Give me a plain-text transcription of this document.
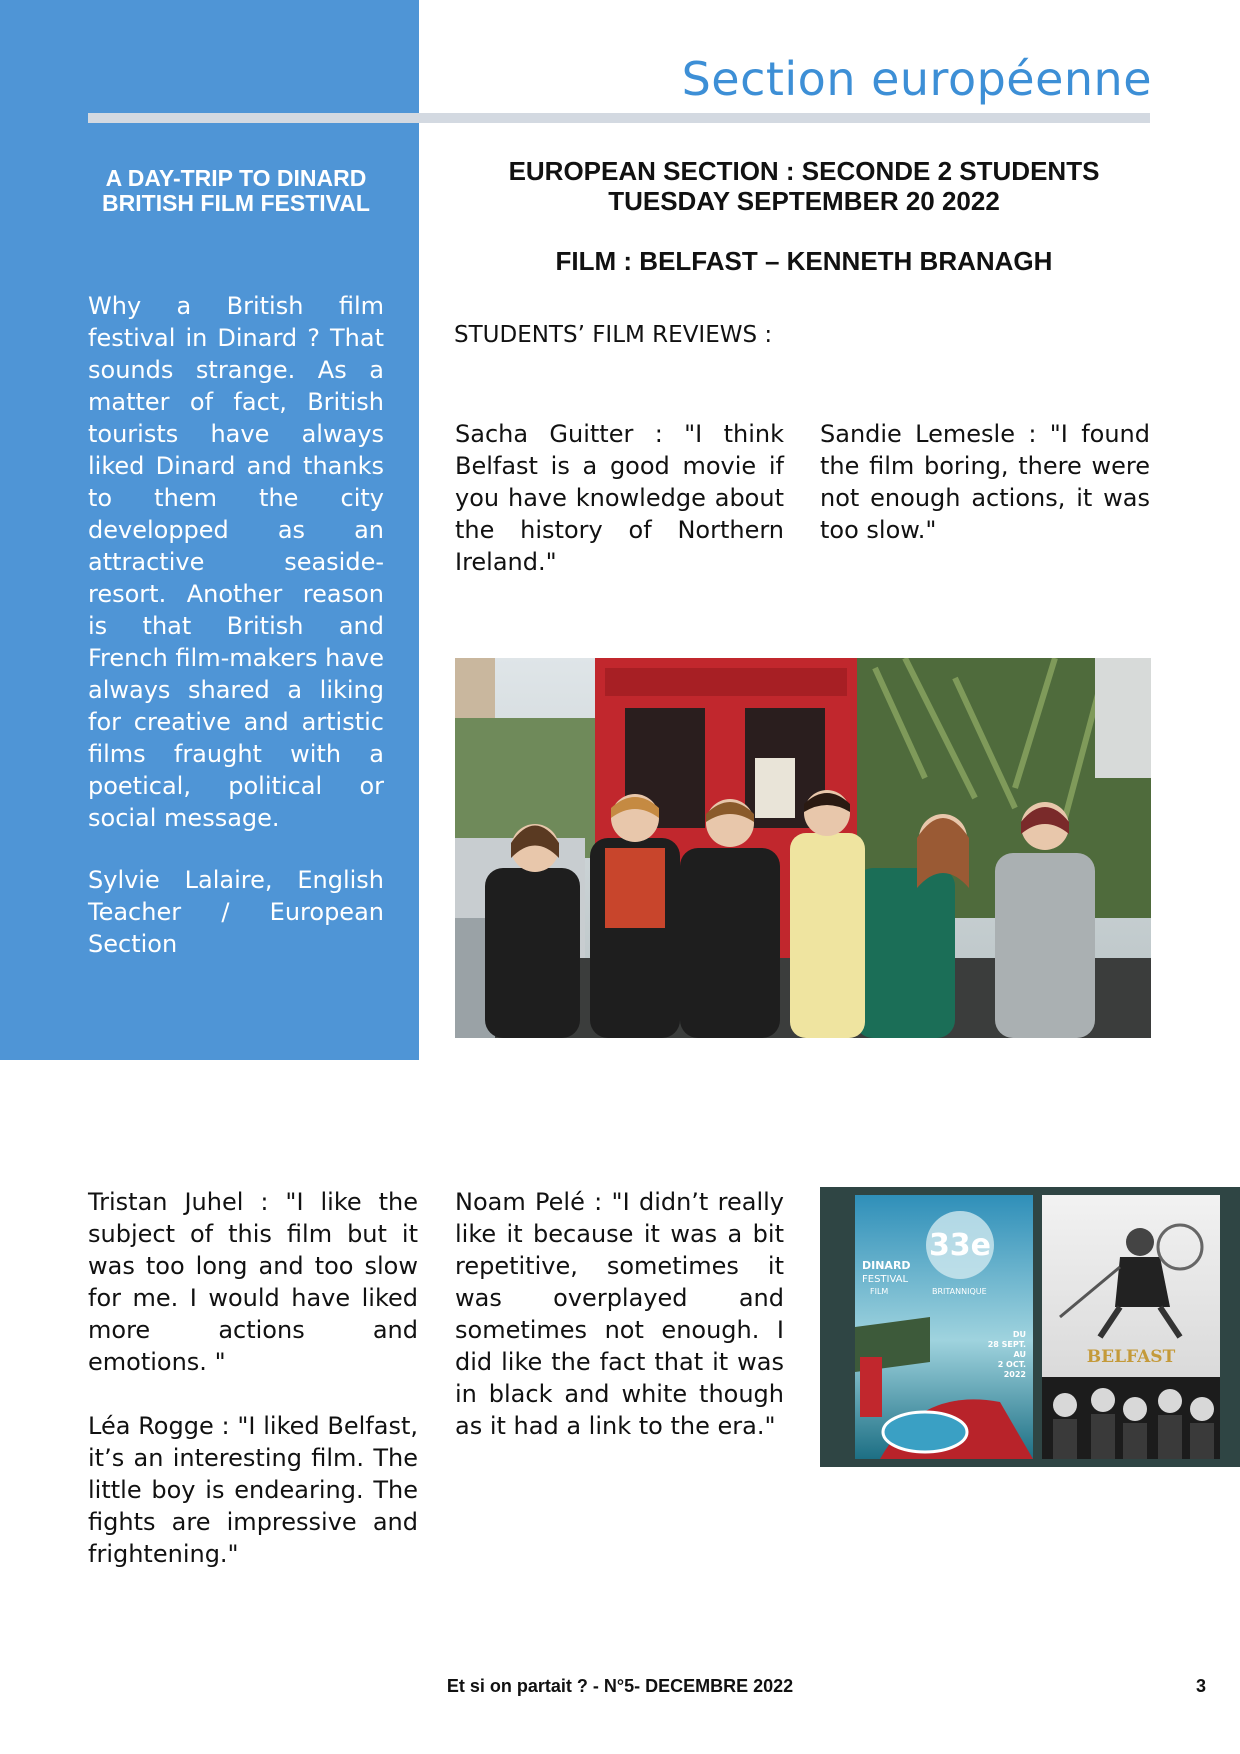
Section européenne
A DAY-TRIP TO DINARD
BRITISH FILM FESTIVAL

Why a British film festival in Dinard ? That sounds strange. As a matter of fact, British tourists have always liked Dinard and thanks to them the city developped as an attractive seaside-resort. Another reason is that British and French film-makers have always shared a liking for creative and artistic films fraught with a poetical, political or social message.

Sylvie Lalaire, English Teacher / European Section

EUROPEAN SECTION : SECONDE 2 STUDENTS
TUESDAY SEPTEMBER 20 2022
FILM : BELFAST – KENNETH BRANAGH
STUDENTS’ FILM REVIEWS :

Sacha Guitter : "I think Belfast is a good movie if you have knowledge about the history of Northern Ireland."

Sandie Lemesle : "I found the film boring, there were not enough actions, it was too slow."

Tristan Juhel : "I like the subject of this film but it was too long and too slow for me. I would have liked more actions and emotions. "

Léa Rogge : "I liked Belfast, it’s an interesting film. The little boy is endearing. The fights are impressive and frightening."

Noam Pelé : "I didn’t really like it because it was a bit repetitive, sometimes it was overplayed and sometimes not enough. I did like the fact that it was in black and white though as it had a link to the era."

33e
DINARD
FESTIVAL
FILM	BRITANNIQUE
DU
28 SEPT.
AU
2 OCT.
2022
BELFAST
Et si on partait ? - N°5- DECEMBRE 2022	3
